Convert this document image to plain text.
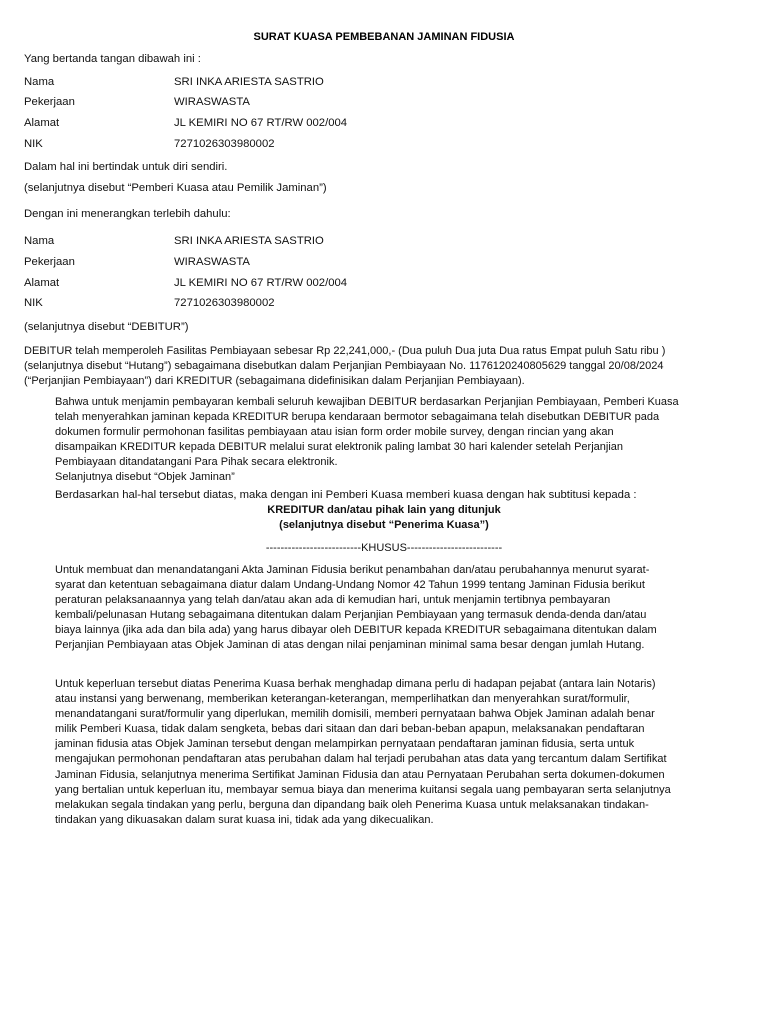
SURAT KUASA PEMBEBANAN JAMINAN FIDUSIA
Yang bertanda tangan dibawah ini :
Nama	SRI INKA ARIESTA SASTRIO
Pekerjaan	WIRASWASTA
Alamat	JL KEMIRI NO 67 RT/RW 002/004
NIK	7271026303980002
Dalam hal ini bertindak untuk diri sendiri.
(selanjutnya disebut “Pemberi Kuasa atau Pemilik Jaminan”)
Dengan ini menerangkan terlebih dahulu:
Nama	SRI INKA ARIESTA SASTRIO
Pekerjaan	WIRASWASTA
Alamat	JL KEMIRI NO 67 RT/RW 002/004
NIK	7271026303980002
(selanjutnya disebut “DEBITUR”)
DEBITUR telah memperoleh Fasilitas Pembiayaan sebesar Rp 22,241,000,- (Dua puluh Dua juta Dua ratus Empat puluh Satu ribu )
(selanjutnya disebut “Hutang”) sebagaimana disebutkan dalam Perjanjian Pembiayaan No. 1176120240805629 tanggal 20/08/2024
(“Perjanjian Pembiayaan”) dari KREDITUR (sebagaimana didefinisikan dalam Perjanjian Pembiayaan).
Bahwa untuk menjamin pembayaran kembali seluruh kewajiban DEBITUR berdasarkan Perjanjian Pembiayaan, Pemberi Kuasa
telah menyerahkan jaminan kepada KREDITUR berupa kendaraan bermotor sebagaimana telah disebutkan DEBITUR pada
dokumen formulir permohonan fasilitas pembiayaan atau isian form order mobile survey, dengan rincian yang akan
disampaikan KREDITUR kepada DEBITUR melalui surat elektronik paling lambat 30 hari kalender setelah Perjanjian
Pembiayaan ditandatangani Para Pihak secara elektronik.
Selanjutnya disebut “Objek Jaminan”
Berdasarkan hal-hal tersebut diatas, maka dengan ini Pemberi Kuasa memberi kuasa dengan hak subtitusi kepada :
KREDITUR dan/atau pihak lain yang ditunjuk
(selanjutnya disebut “Penerima Kuasa”)
--------------------------KHUSUS--------------------------
Untuk membuat dan menandatangani Akta Jaminan Fidusia berikut penambahan dan/atau perubahannya menurut syarat-
syarat dan ketentuan sebagaimana diatur dalam Undang-Undang Nomor 42 Tahun 1999 tentang Jaminan Fidusia berikut
peraturan pelaksanaannya yang telah dan/atau akan ada di kemudian hari, untuk menjamin tertibnya pembayaran
kembali/pelunasan Hutang sebagaimana ditentukan dalam Perjanjian Pembiayaan yang termasuk denda-denda dan/atau
biaya lainnya (jika ada dan bila ada) yang harus dibayar oleh DEBITUR kepada KREDITUR sebagaimana ditentukan dalam
Perjanjian Pembiayaan atas Objek Jaminan di atas dengan nilai penjaminan minimal sama besar dengan jumlah Hutang.
Untuk keperluan tersebut diatas Penerima Kuasa berhak menghadap dimana perlu di hadapan pejabat (antara lain Notaris)
atau instansi yang berwenang, memberikan keterangan-keterangan, memperlihatkan dan menyerahkan surat/formulir,
menandatangani surat/formulir yang diperlukan, memilih domisili, memberi pernyataan bahwa Objek Jaminan adalah benar
milik Pemberi Kuasa, tidak dalam sengketa, bebas dari sitaan dan dari beban-beban apapun, melaksanakan pendaftaran
jaminan fidusia atas Objek Jaminan tersebut dengan melampirkan pernyataan pendaftaran jaminan fidusia, serta untuk
mengajukan permohonan pendaftaran atas perubahan dalam hal terjadi perubahan atas data yang tercantum dalam Sertifikat
Jaminan Fidusia, selanjutnya menerima Sertifikat Jaminan Fidusia dan atau Pernyataan Perubahan serta dokumen-dokumen
yang bertalian untuk keperluan itu, membayar semua biaya dan menerima kuitansi segala uang pembayaran serta selanjutnya
melakukan segala tindakan yang perlu, berguna dan dipandang baik oleh Penerima Kuasa untuk melaksanakan tindakan-
tindakan yang dikuasakan dalam surat kuasa ini, tidak ada yang dikecualikan.
